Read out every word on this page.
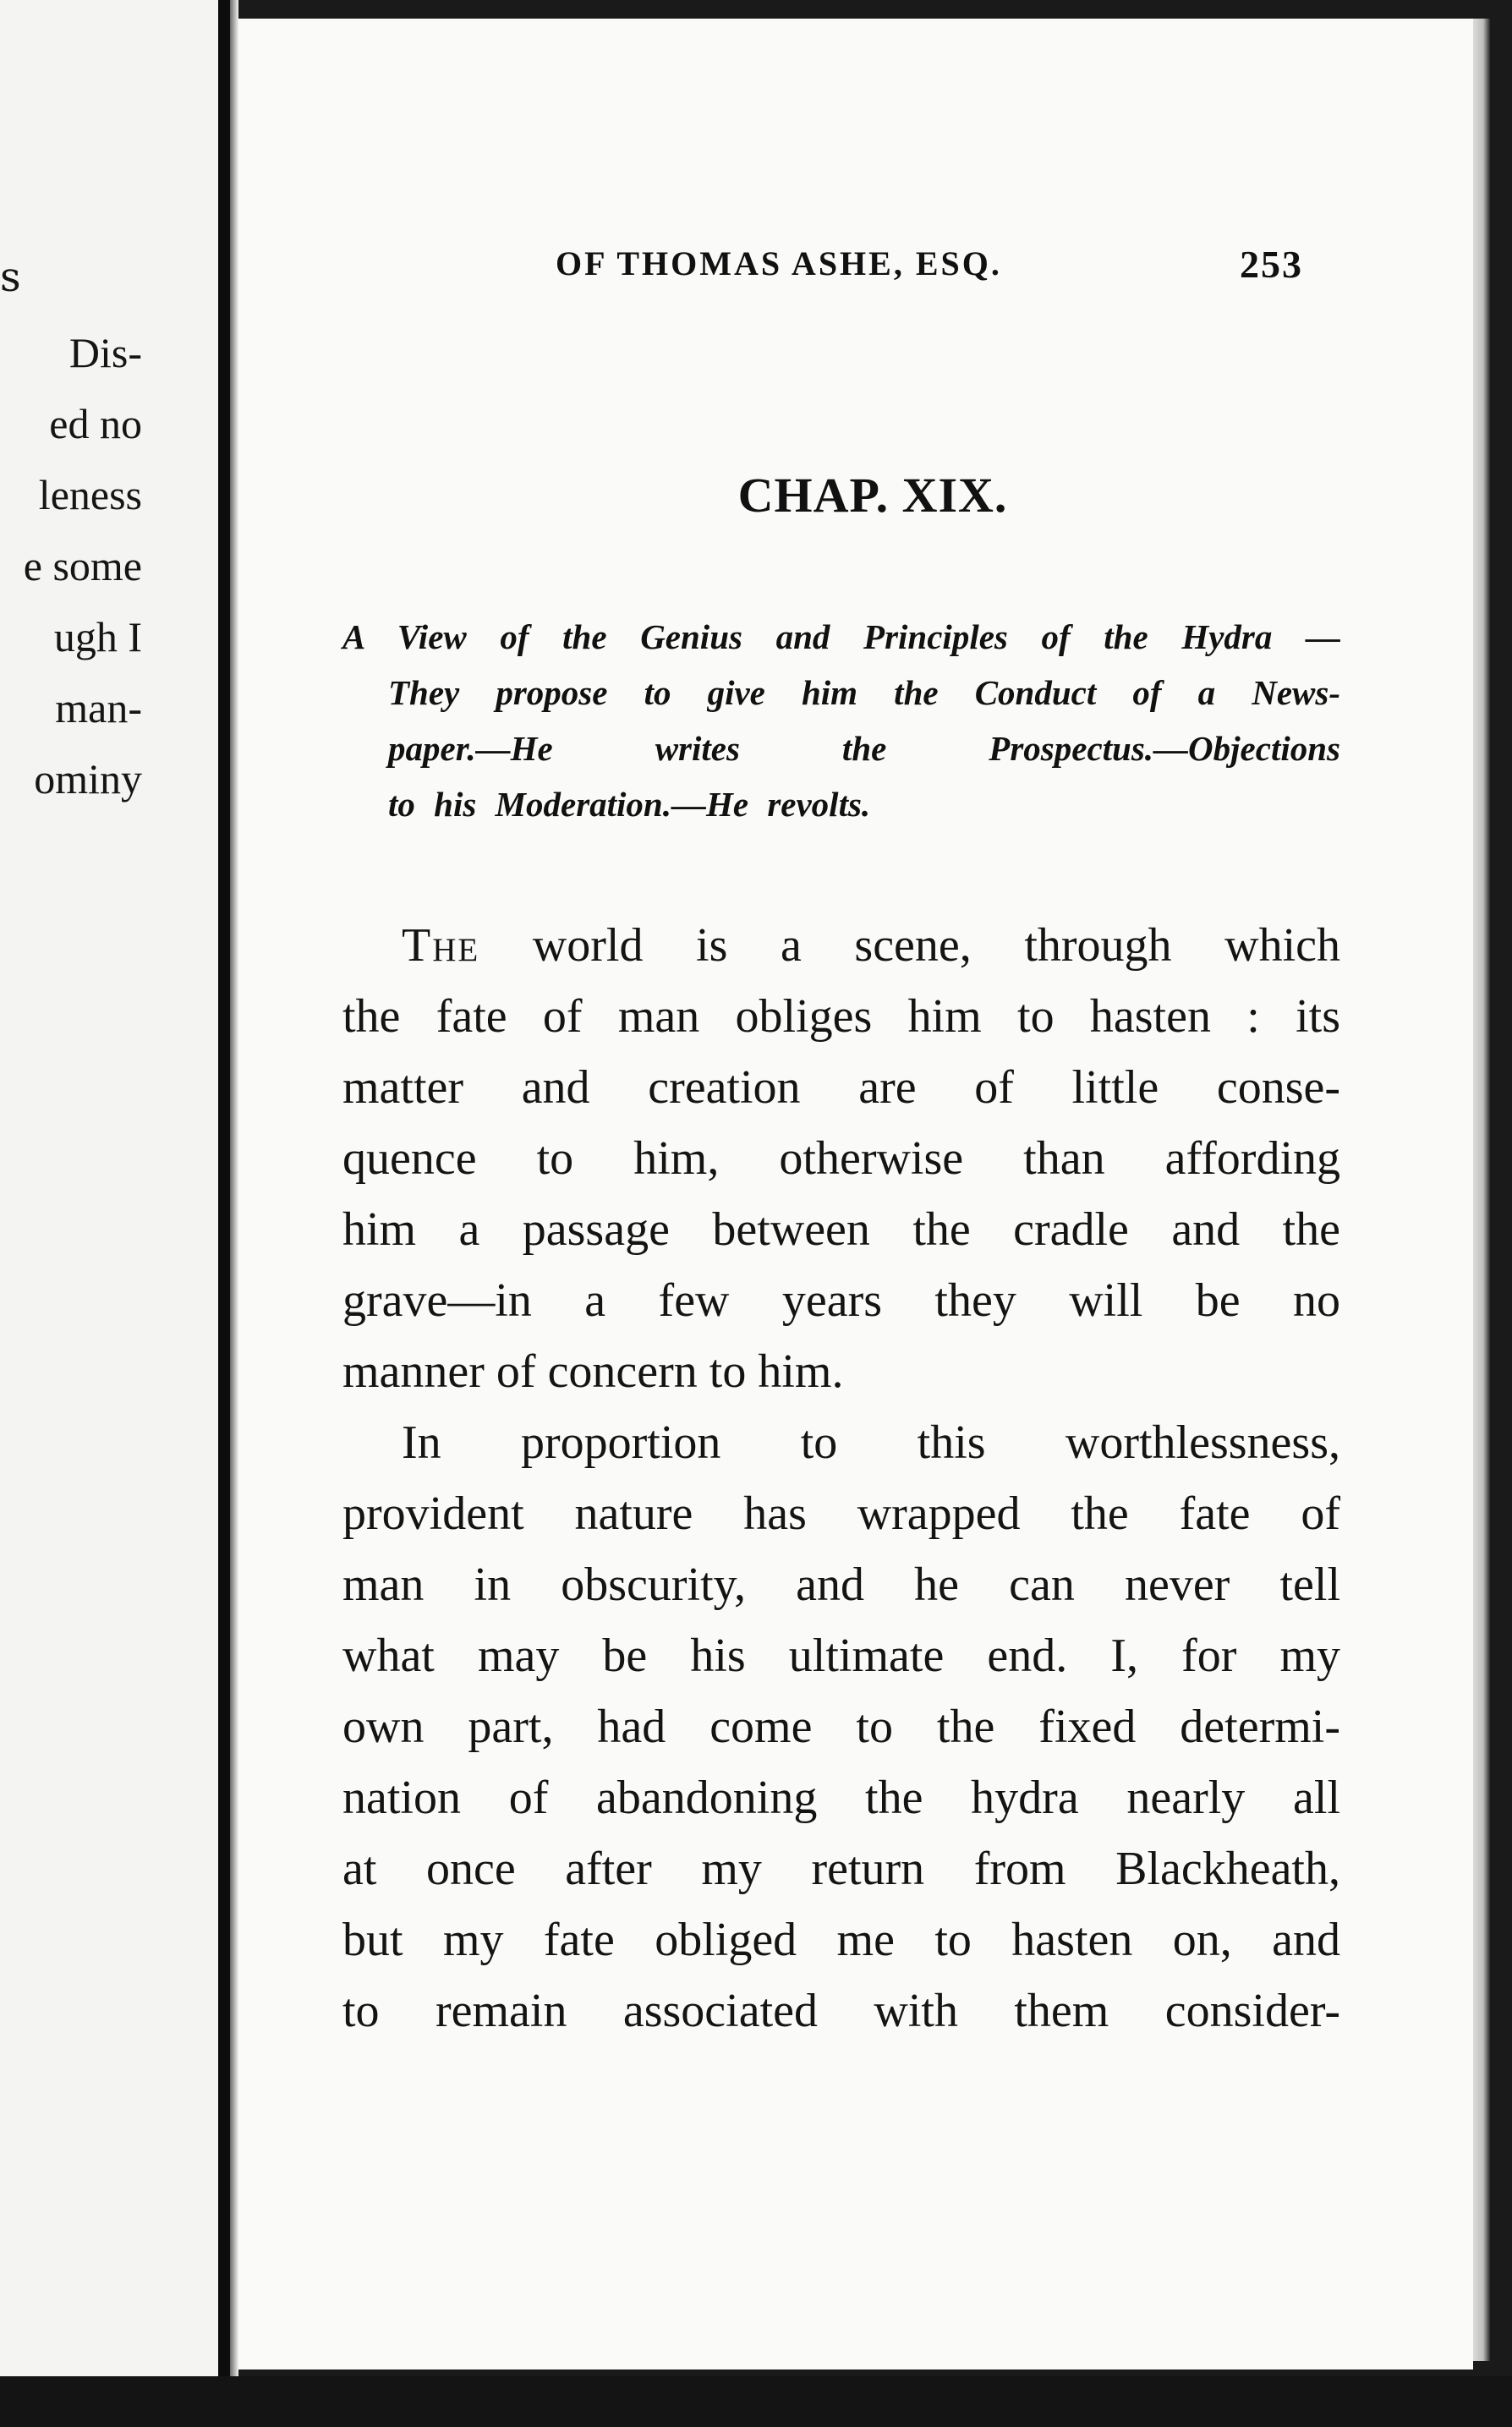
s
Dis-
ed no
leness
e some
ugh I
man-
ominy
OF THOMAS ASHE, ESQ.	253
CHAP. XIX.
A View of the Genius and Principles of the Hydra —
They propose to give him the Conduct of a News-
paper.—He writes the Prospectus.—Objections
to his Moderation.—He revolts.
The world is a scene, through which
the fate of man obliges him to hasten : its
matter and creation are of little conse-
quence to him, otherwise than affording
him a passage between the cradle and the
grave—in a few years they will be no
manner of concern to him.
In proportion to this worthlessness,
provident nature has wrapped the fate of
man in obscurity, and he can never tell
what may be his ultimate end. I, for my
own part, had come to the fixed determi-
nation of abandoning the hydra nearly all
at once after my return from Blackheath,
but my fate obliged me to hasten on, and
to remain associated with them consider-
